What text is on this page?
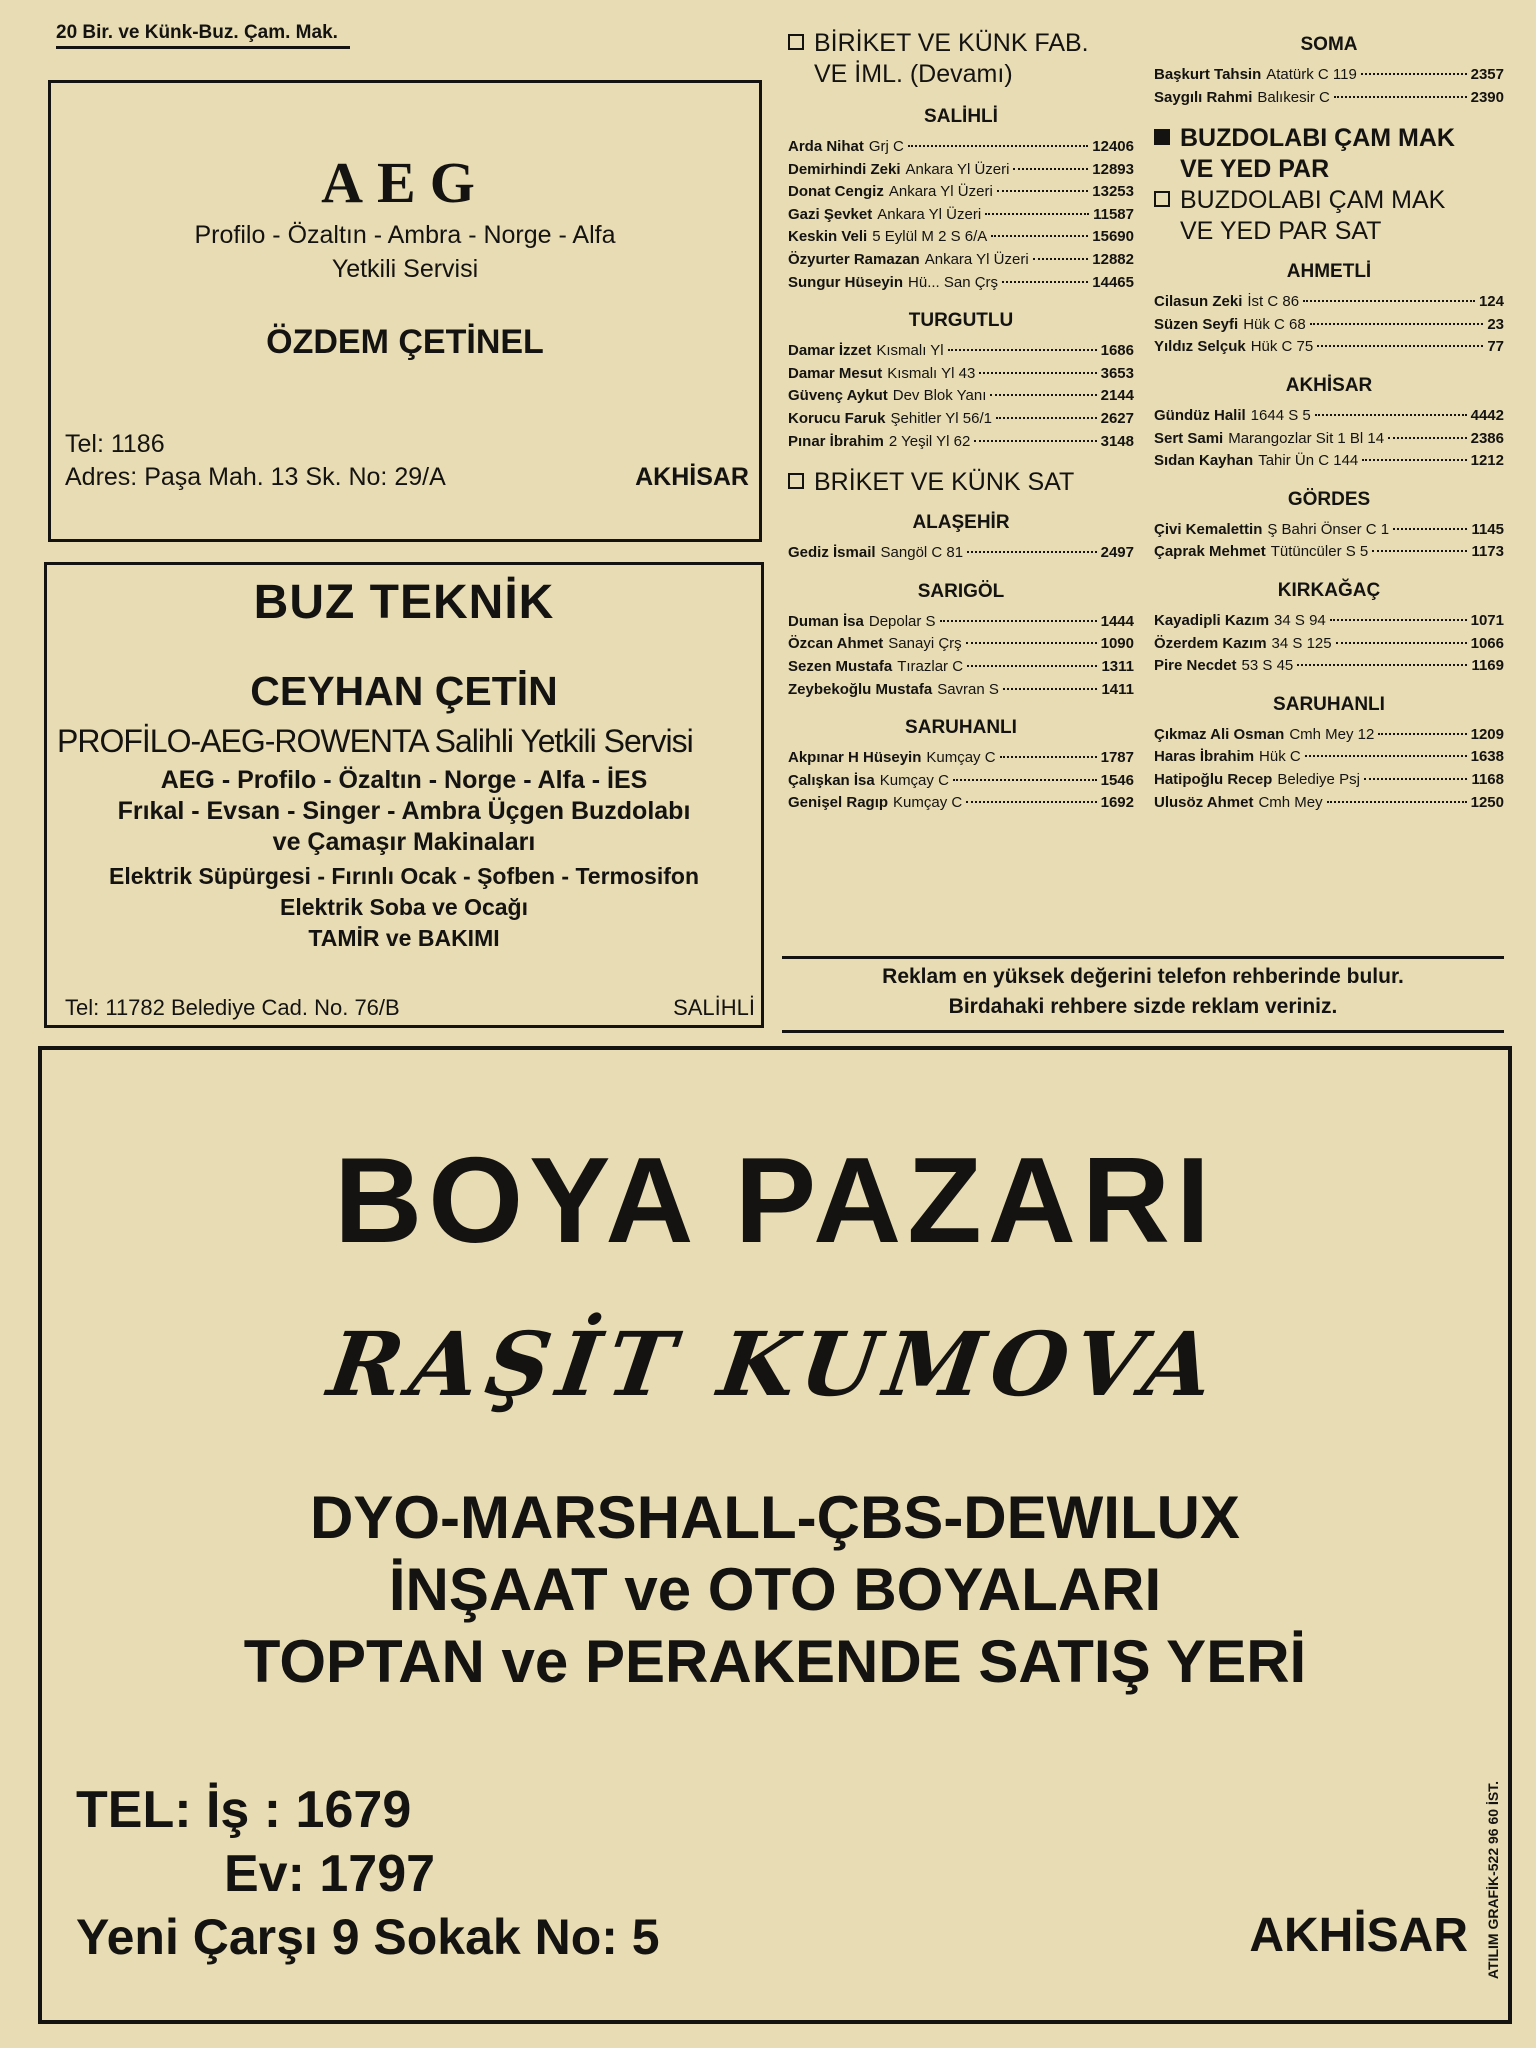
20 Bir. ve Künk-Buz. Çam. Mak.
AEG
Profilo - Özaltın - Ambra - Norge - Alfa
Yetkili Servisi
ÖZDEM ÇETİNEL
Tel: 1186
Adres: Paşa Mah. 13 Sk. No: 29/A	AKHİSAR
BUZ TEKNİK
CEYHAN ÇETİN
PROFİLO-AEG-ROWENTA Salihli Yetkili Servisi
AEG - Profilo - Özaltın - Norge - Alfa - İES
Frıkal - Evsan - Singer - Ambra Üçgen Buzdolabı
ve Çamaşır Makinaları
Elektrik Süpürgesi - Fırınlı Ocak - Şofben - Termosifon
Elektrik Soba ve Ocağı
TAMİR ve BAKIMI
Tel: 11782 Belediye Cad. No. 76/B	SALİHLİ
BİRİKET VE KÜNK FAB.
VE İML. (Devamı)
SALİHLİ
Arda Nihat Grj C	12406
Demirhindi Zeki Ankara Yl Üzeri	12893
Donat Cengiz Ankara Yl Üzeri	13253
Gazi Şevket Ankara Yl Üzeri	11587
Keskin Veli 5 Eylül M 2 S 6/A	15690
Özyurter Ramazan Ankara Yl Üzeri	12882
Sungur Hüseyin Hü... San Çrş	14465
TURGUTLU
Damar İzzet Kısmalı Yl	1686
Damar Mesut Kısmalı Yl 43	3653
Güvenç Aykut Dev Blok Yanı	2144
Korucu Faruk Şehitler Yl 56/1	2627
Pınar İbrahim 2 Yeşil Yl 62	3148
BRİKET VE KÜNK SAT
ALAŞEHİR
Gediz İsmail Sangöl C 81	2497
SARIGÖL
Duman İsa Depolar S	1444
Özcan Ahmet Sanayi Çrş	1090
Sezen Mustafa Tırazlar C	1311
Zeybekoğlu Mustafa Savran S	1411
SARUHANLI
Akpınar H Hüseyin Kumçay C	1787
Çalışkan İsa Kumçay C	1546
Genişel Ragıp Kumçay C	1692
SOMA
Başkurt Tahsin Atatürk C 119	2357
Saygılı Rahmi Balıkesir C	2390
BUZDOLABI ÇAM MAK
VE YED PAR
BUZDOLABI ÇAM MAK
VE YED PAR SAT
AHMETLİ
Cilasun Zeki İst C 86	124
Süzen Seyfi Hük C 68	23
Yıldız Selçuk Hük C 75	77
AKHİSAR
Gündüz Halil 1644 S 5	4442
Sert Sami Marangozlar Sit 1 Bl 14	2386
Sıdan Kayhan Tahir Ün C 144	1212
GÖRDES
Çivi Kemalettin Ş Bahri Önser C 1	1145
Çaprak Mehmet Tütüncüler S 5	1173
KIRKAĞAÇ
Kayadipli Kazım 34 S 94	1071
Özerdem Kazım 34 S 125	1066
Pire Necdet 53 S 45	1169
SARUHANLI
Çıkmaz Ali Osman Cmh Mey 12	1209
Haras İbrahim Hük C	1638
Hatipoğlu Recep Belediye Psj	1168
Ulusöz Ahmet Cmh Mey	1250
Reklam en yüksek değerini telefon rehberinde bulur.
Birdahaki rehbere sizde reklam veriniz.
BOYA PAZARI
RAŞİT KUMOVA
DYO-MARSHALL-ÇBS-DEWILUX
İNŞAAT ve OTO BOYALARI
TOPTAN ve PERAKENDE SATIŞ YERİ
TEL: İş : 1679
Ev: 1797
Yeni Çarşı 9 Sokak No: 5	AKHİSAR ATILIM GRAFİK-522 96 60 İST.
